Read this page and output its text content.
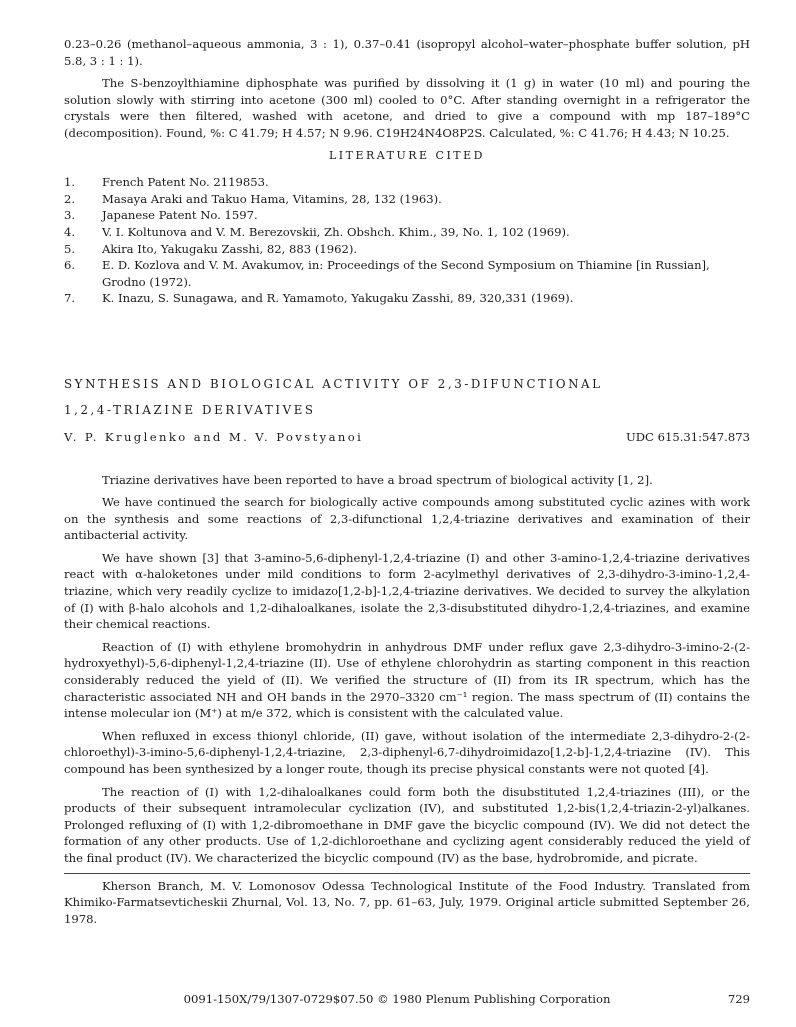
0.23–0.26 (methanol–aqueous ammonia, 3 : 1), 0.37–0.41 (isopropyl alcohol–water–phosphate buffer solution, pH 5.8, 3 : 1 : 1).

The S-benzoylthiamine diphosphate was purified by dissolving it (1 g) in water (10 ml) and pouring the solution slowly with stirring into acetone (300 ml) cooled to 0°C. After standing overnight in a refrigerator the crystals were then filtered, washed with acetone, and dried to give a compound with mp 187–189°C (decomposition). Found, %: C 41.79; H 4.57; N 9.96. C19H24N4O8P2S. Calculated, %: C 41.76; H 4.43; N 10.25.

LITERATURE CITED
1.	French Patent No. 2119853.
2.	Masaya Araki and Takuo Hama, Vitamins, 28, 132 (1963).
3.	Japanese Patent No. 1597.
4.	V. I. Koltunova and V. M. Berezovskii, Zh. Obshch. Khim., 39, No. 1, 102 (1969).
5.	Akira Ito, Yakugaku Zasshi, 82, 883 (1962).
6.	E. D. Kozlova and V. M. Avakumov, in: Proceedings of the Second Symposium on Thiamine [in Russian], Grodno (1972).
7.	K. Inazu, S. Sunagawa, and R. Yamamoto, Yakugaku Zasshi, 89, 320,331 (1969).
SYNTHESIS AND BIOLOGICAL ACTIVITY OF 2,3-DIFUNCTIONAL
1,2,4-TRIAZINE DERIVATIVES
V. P. Kruglenko and M. V. Povstyanoi	UDC 615.31:547.873

Triazine derivatives have been reported to have a broad spectrum of biological activity [1, 2].

We have continued the search for biologically active compounds among substituted cyclic azines with work on the synthesis and some reactions of 2,3-difunctional 1,2,4-triazine derivatives and examination of their antibacterial activity.

We have shown [3] that 3-amino-5,6-diphenyl-1,2,4-triazine (I) and other 3-amino-1,2,4-triazine derivatives react with α-haloketones under mild conditions to form 2-acylmethyl derivatives of 2,3-dihydro-3-imino-1,2,4-triazine, which very readily cyclize to imidazo[1,2-b]-1,2,4-triazine derivatives. We decided to survey the alkylation of (I) with β-halo alcohols and 1,2-dihaloalkanes, isolate the 2,3-disubstituted dihydro-1,2,4-triazines, and examine their chemical reactions.

Reaction of (I) with ethylene bromohydrin in anhydrous DMF under reflux gave 2,3-dihydro-3-imino-2-(2-hydroxyethyl)-5,6-diphenyl-1,2,4-triazine (II). Use of ethylene chlorohydrin as starting component in this reaction considerably reduced the yield of (II). We verified the structure of (II) from its IR spectrum, which has the characteristic associated NH and OH bands in the 2970–3320 cm⁻¹ region. The mass spectrum of (II) contains the intense molecular ion (M⁺) at m/e 372, which is consistent with the calculated value.

When refluxed in excess thionyl chloride, (II) gave, without isolation of the intermediate 2,3-dihydro-2-(2-chloroethyl)-3-imino-5,6-diphenyl-1,2,4-triazine, 2,3-diphenyl-6,7-dihydroimidazo[1,2-b]-1,2,4-triazine (IV). This compound has been synthesized by a longer route, though its precise physical constants were not quoted [4].

The reaction of (I) with 1,2-dihaloalkanes could form both the disubstituted 1,2,4-triazines (III), or the products of their subsequent intramolecular cyclization (IV), and substituted 1,2-bis(1,2,4-triazin-2-yl)alkanes. Prolonged refluxing of (I) with 1,2-dibromoethane in DMF gave the bicyclic compound (IV). We did not detect the formation of any other products. Use of 1,2-dichloroethane and cyclizing agent considerably reduced the yield of the final product (IV). We characterized the bicyclic compound (IV) as the base, hydrobromide, and picrate.

Kherson Branch, M. V. Lomonosov Odessa Technological Institute of the Food Industry. Translated from Khimiko-Farmatsevticheskii Zhurnal, Vol. 13, No. 7, pp. 61–63, July, 1979. Original article submitted September 26, 1978.

0091-150X/79/1307-0729$07.50 © 1980 Plenum Publishing Corporation	729
